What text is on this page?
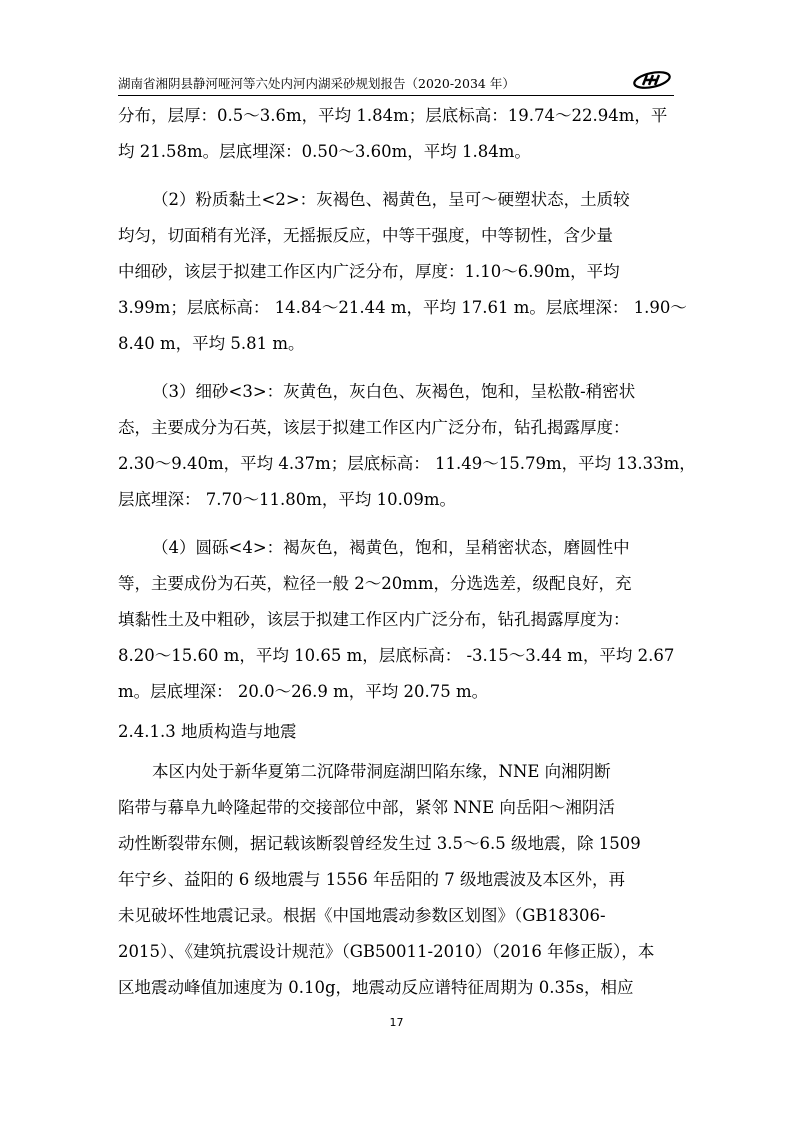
湖南省湘阴县静河哑河等六处内河内湖采砂规划报告（2020-2034 年）
分布，层厚：0.5～3.6m，平均 1.84m；层底标高：19.74～22.94m，平
均 21.58m。层底埋深：0.50～3.60m，平均 1.84m。
（2）粉质黏土<2>：灰褐色、褐黄色，呈可～硬塑状态，土质较
均匀，切面稍有光泽，无摇振反应，中等干强度，中等韧性，含少量
中细砂，该层于拟建工作区内广泛分布，厚度：1.10～6.90m，平均
3.99m；层底标高： 14.84～21.44 m，平均 17.61 m。层底埋深： 1.90～
8.40 m，平均 5.81 m。
（3）细砂<3>：灰黄色，灰白色、灰褐色，饱和，呈松散-稍密状
态，主要成分为石英，该层于拟建工作区内广泛分布，钻孔揭露厚度：
2.30～9.40m，平均 4.37m；层底标高： 11.49～15.79m，平均 13.33m，
层底埋深： 7.70～11.80m，平均 10.09m。
（4）圆砾<4>：褐灰色，褐黄色，饱和，呈稍密状态，磨圆性中
等，主要成份为石英，粒径一般 2～20mm，分选选差，级配良好，充
填黏性土及中粗砂，该层于拟建工作区内广泛分布，钻孔揭露厚度为：
8.20～15.60 m，平均 10.65 m，层底标高： -3.15～3.44 m，平均 2.67
m。层底埋深： 20.0～26.9 m，平均 20.75 m。
2.4.1.3 地质构造与地震
本区内处于新华夏第二沉降带洞庭湖凹陷东缘，NNE 向湘阴断
陷带与幕阜九岭隆起带的交接部位中部，紧邻 NNE 向岳阳～湘阴活
动性断裂带东侧，据记载该断裂曾经发生过 3.5～6.5 级地震，除 1509
年宁乡、益阳的 6 级地震与 1556 年岳阳的 7 级地震波及本区外，再
未见破坏性地震记录。根据《中国地震动参数区划图》（GB18306-
2015）、《建筑抗震设计规范》（GB50011-2010）（2016 年修正版），本
区地震动峰值加速度为 0.10g，地震动反应谱特征周期为 0.35s，相应
17
